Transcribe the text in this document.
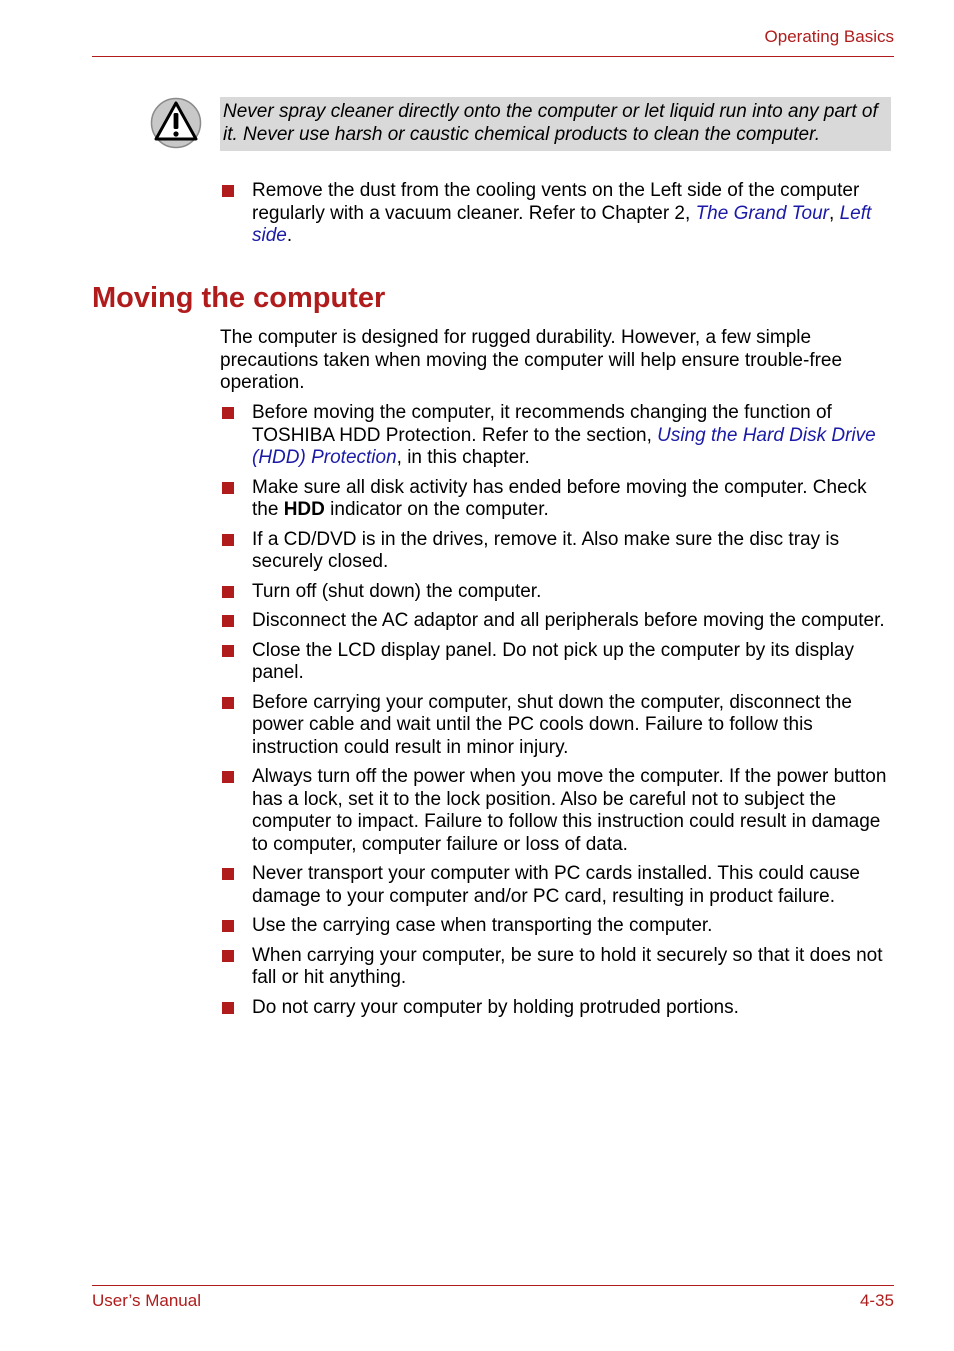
Operating Basics
Never spray cleaner directly onto the computer or let liquid run into any part of it. Never use harsh or caustic chemical products to clean the computer.
Remove the dust from the cooling vents on the Left side of the computer regularly with a vacuum cleaner. Refer to Chapter 2, The Grand Tour, Left side.
Moving the computer

The computer is designed for rugged durability. However, a few simple precautions taken when moving the computer will help ensure trouble-free operation.

Before moving the computer, it recommends changing the function of TOSHIBA HDD Protection. Refer to the section, Using the Hard Disk Drive (HDD) Protection, in this chapter.
Make sure all disk activity has ended before moving the computer. Check the HDD indicator on the computer.
If a CD/DVD is in the drives, remove it. Also make sure the disc tray is securely closed.
Turn off (shut down) the computer.
Disconnect the AC adaptor and all peripherals before moving the computer.
Close the LCD display panel. Do not pick up the computer by its display panel.
Before carrying your computer, shut down the computer, disconnect the power cable and wait until the PC cools down. Failure to follow this instruction could result in minor injury.
Always turn off the power when you move the computer. If the power button has a lock, set it to the lock position. Also be careful not to subject the computer to impact. Failure to follow this instruction could result in damage to computer, computer failure or loss of data.
Never transport your computer with PC cards installed. This could cause damage to your computer and/or PC card, resulting in product failure.
Use the carrying case when transporting the computer.
When carrying your computer, be sure to hold it securely so that it does not fall or hit anything.
Do not carry your computer by holding protruded portions.
User’s Manual	4-35
